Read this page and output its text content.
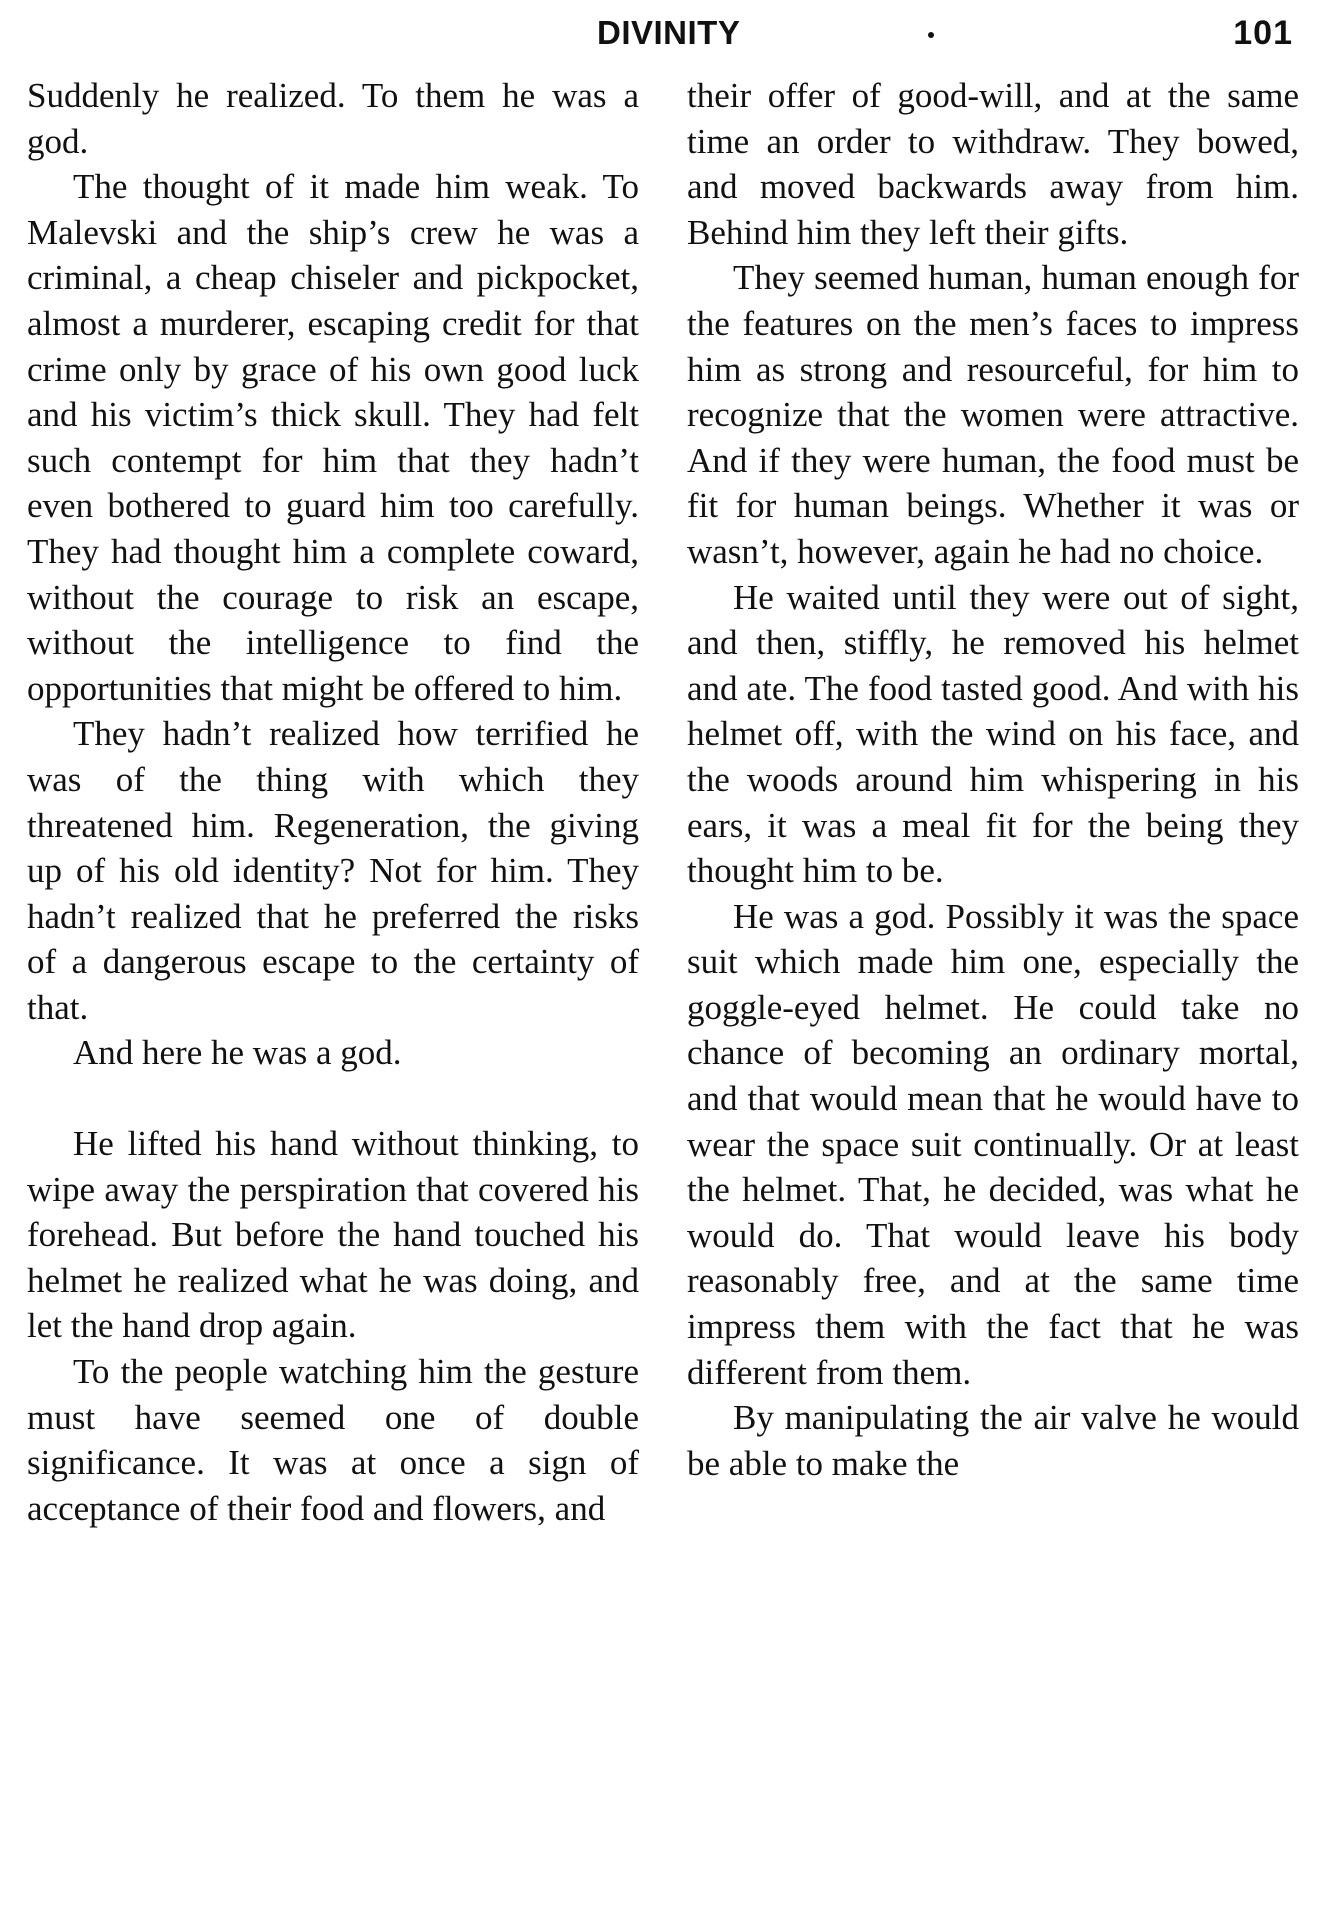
DIVINITY	101

Suddenly he realized. To them he was a god.

The thought of it made him weak. To Malevski and the ship’s crew he was a criminal, a cheap chiseler and pickpocket, almost a murderer, escaping credit for that crime only by grace of his own good luck and his victim’s thick skull. They had felt such contempt for him that they hadn’t even bothered to guard him too carefully. They had thought him a complete coward, without the courage to risk an escape, without the intelligence to find the opportunities that might be offered to him.

They hadn’t realized how terrified he was of the thing with which they threatened him. Regeneration, the giving up of his old identity? Not for him. They hadn’t realized that he preferred the risks of a dangerous escape to the certainty of that.

And here he was a god.

He lifted his hand without thinking, to wipe away the perspiration that covered his forehead. But before the hand touched his helmet he realized what he was doing, and let the hand drop again.

To the people watching him the gesture must have seemed one of double significance. It was at once a sign of acceptance of their food and flowers, and

their offer of good-will, and at the same time an order to withdraw. They bowed, and moved backwards away from him. Behind him they left their gifts.

They seemed human, human enough for the features on the men’s faces to impress him as strong and resourceful, for him to recognize that the women were attractive. And if they were human, the food must be fit for human beings. Whether it was or wasn’t, however, again he had no choice.

He waited until they were out of sight, and then, stiffly, he removed his helmet and ate. The food tasted good. And with his helmet off, with the wind on his face, and the woods around him whispering in his ears, it was a meal fit for the being they thought him to be.

He was a god. Possibly it was the space suit which made him one, especially the goggle-eyed helmet. He could take no chance of becoming an ordinary mortal, and that would mean that he would have to wear the space suit continually. Or at least the helmet. That, he decided, was what he would do. That would leave his body reasonably free, and at the same time impress them with the fact that he was different from them.

By manipulating the air valve he would be able to make the
